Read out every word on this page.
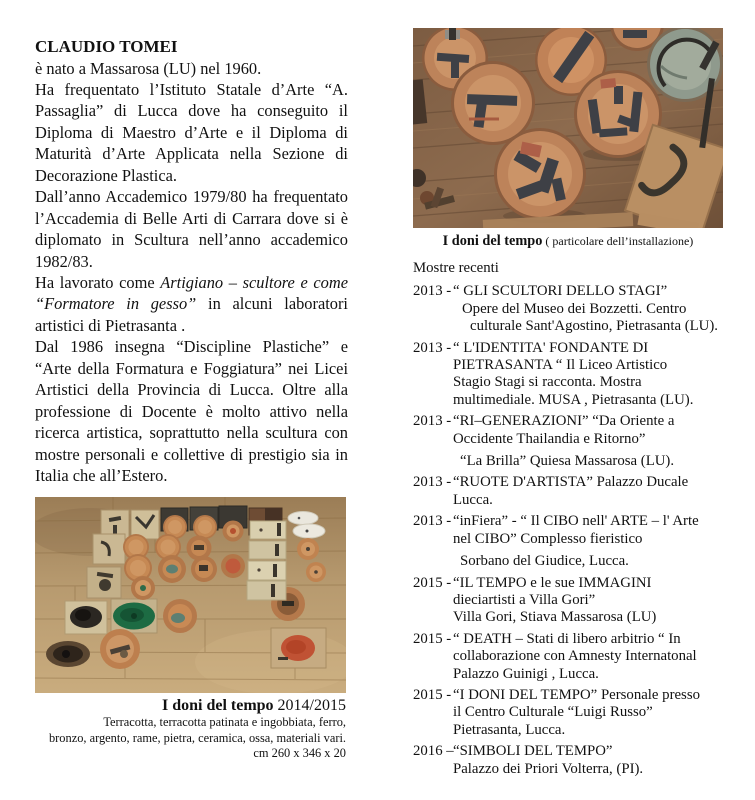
CLAUDIO TOMEI

è nato a Massarosa (LU) nel 1960.

Ha frequentato l’Istituto Statale d’Arte “A. Passaglia” di Lucca dove ha conseguito il Diploma di Maestro d’Arte e il Diploma di Maturità d’Arte Applicata nella Sezione di Decorazione Plastica.

Dall’anno Accademico 1979/80 ha frequentato l’Accademia di Belle Arti di Carrara dove si è diplomato in Scultura nell’anno accademico 1982/83.

Ha lavorato come Artigiano – scultore e come “Formatore in gesso” in alcuni laboratori artistici di Pietrasanta .

Dal 1986 insegna “Discipline Plastiche” e “Arte della Formatura e Foggiatura” nei Licei Artistici della Provincia di Lucca. Oltre alla professione di Docente è molto attivo nella ricerca artistica, soprattutto nella scultura con mostre personali e collettive di prestigio sia in Italia che all’Estero.

I doni del tempo 2014/2015
Terracotta, terracotta patinata e ingobbiata, ferro,
bronzo, argento, rame, pietra, ceramica, ossa, materiali vari.
cm 260 x 346 x 20
I doni del tempo ( particolare dell’installazione)
Mostre recenti
2013 - “ GLI SCULTORI DELLO STAGI”
Opere del Museo dei Bozzetti. Centro
culturale Sant'Agostino, Pietrasanta (LU).
2013 - “ L'IDENTITA' FONDANTE DI
PIETRASANTA “ Il Liceo Artistico
Stagio Stagi si racconta. Mostra
multimediale. MUSA , Pietrasanta (LU).
2013 - “RI–GENERAZIONI” “Da Oriente a
Occidente Thailandia e Ritorno”
“La Brilla” Quiesa Massarosa (LU).
2013 - “RUOTE D'ARTISTA” Palazzo Ducale
Lucca.
2013 - “inFiera” - “ Il CIBO nell' ARTE – l' Arte
nel CIBO” Complesso fieristico
Sorbano del Giudice, Lucca.
2015 - “IL TEMPO e le sue IMMAGINI
dieciartisti a Villa Gori”
Villa Gori, Stiava Massarosa (LU)
2015 - “ DEATH – Stati di libero arbitrio “ In
collaborazione con Amnesty Internatonal
Palazzo Guinigi , Lucca.
2015 - “I DONI DEL TEMPO” Personale presso
il Centro Culturale “Luigi Russo”
Pietrasanta, Lucca.
2016 – “SIMBOLI DEL TEMPO”
Palazzo dei Priori Volterra, (PI).
